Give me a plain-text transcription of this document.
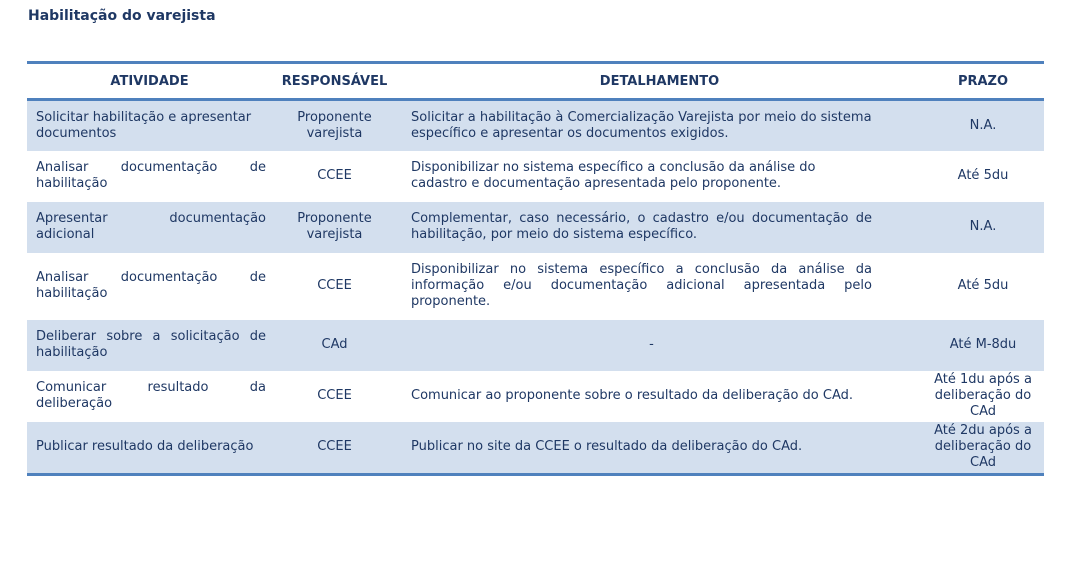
Habilitação do varejista
ATIVIDADE	RESPONSÁVEL	DETALHAMENTO	PRAZO
Solicitar habilitação e apresentar documentos	Proponente varejista	Solicitar a habilitação à Comercialização Varejista por meio do sistema específico e apresentar os documentos exigidos.	N.A.
Analisar documentação de habilitação	CCEE	Disponibilizar no sistema específico a conclusão da análise do cadastro e documentação apresentada pelo proponente.	Até 5du
Apresentar documentação adicional	Proponente varejista	Complementar, caso necessário, o cadastro e/ou documentação de habilitação, por meio do sistema específico.	N.A.
Analisar documentação de habilitação	CCEE	Disponibilizar no sistema específico a conclusão da análise da informação e/ou documentação adicional apresentada pelo proponente.	Até 5du
Deliberar sobre a solicitação de habilitação	CAd	-	Até M-8du
Comunicar resultado da deliberação	CCEE	Comunicar ao proponente sobre o resultado da deliberação do CAd.	Até 1du após a deliberação do CAd
Publicar resultado da deliberação	CCEE	Publicar no site da CCEE o resultado da deliberação do CAd.	Até 2du após a deliberação do CAd
